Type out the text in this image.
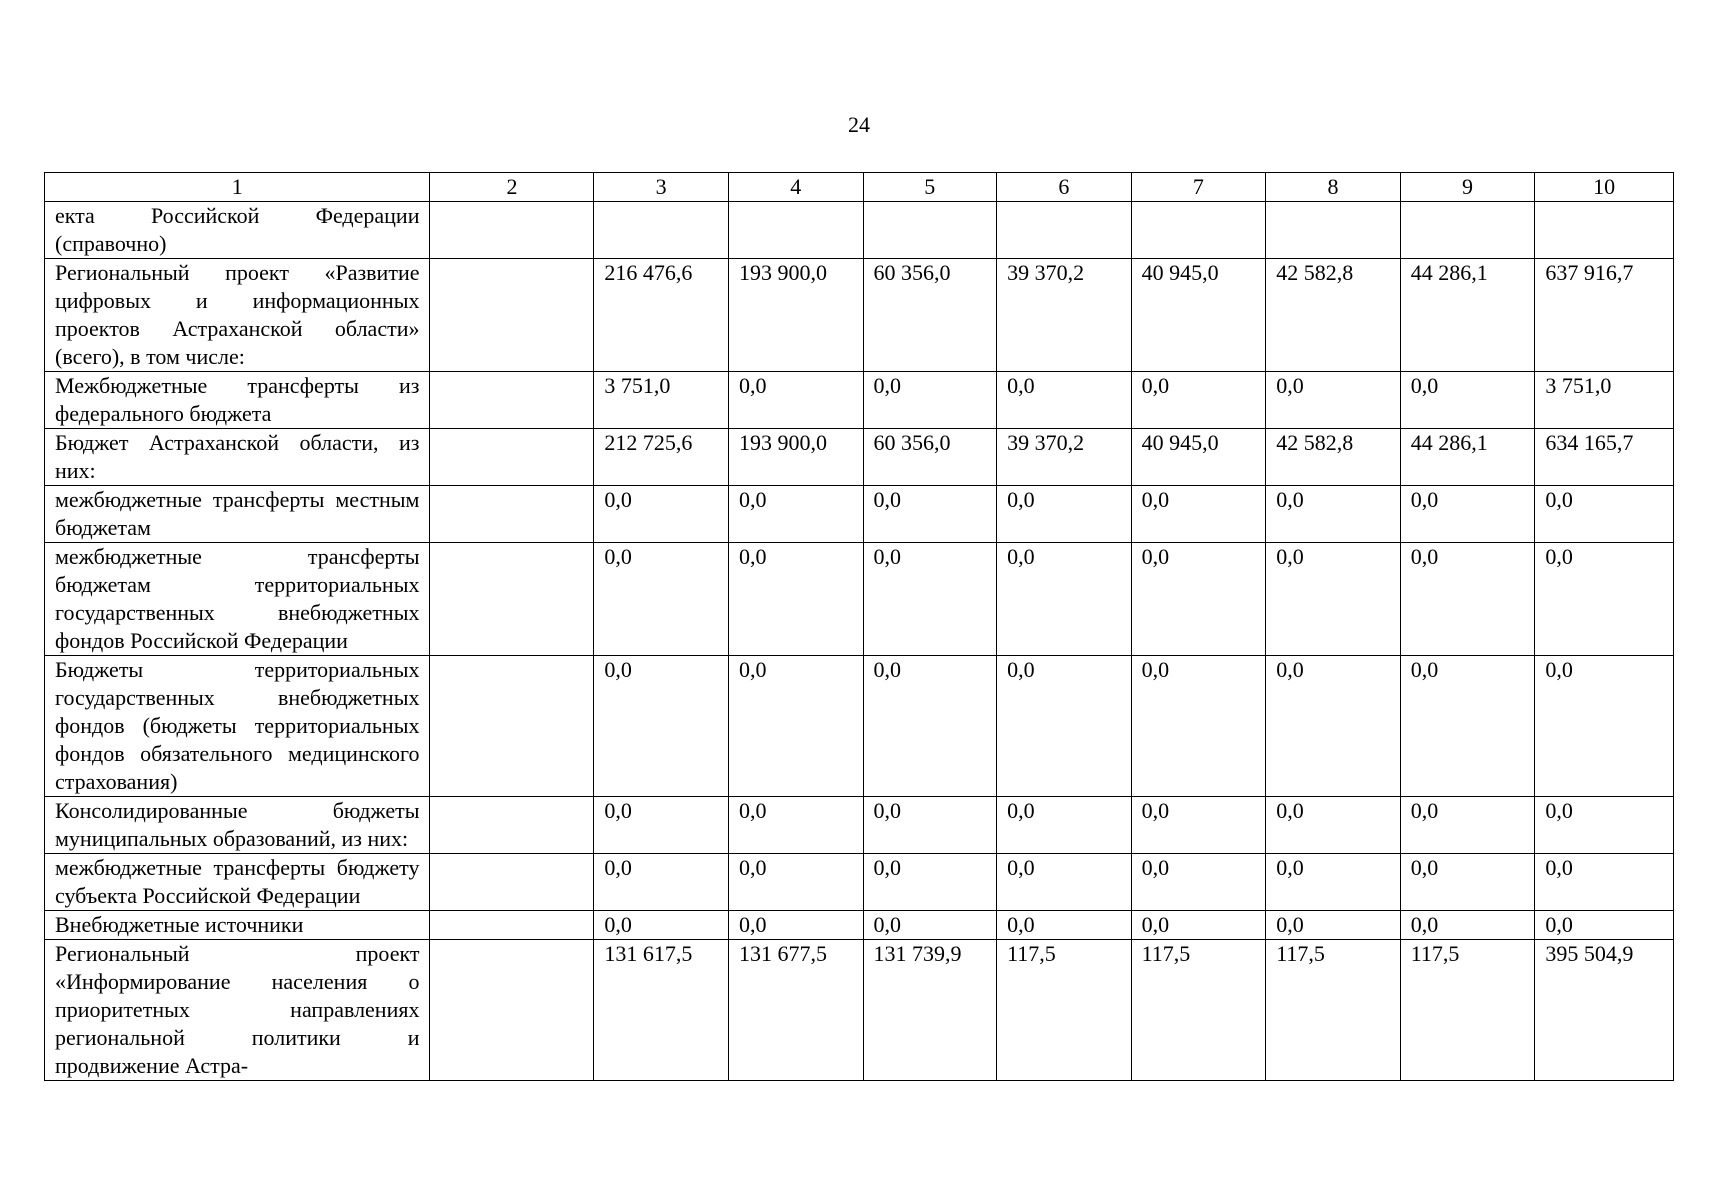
24
1	2	3	4	5	6	7	8	9	10
екта Российской Федерации (справочно)									
Региональный проект «Развитие цифровых и информационных проектов Астраханской области» (всего), в том числе:		216 476,6	193 900,0	60 356,0	39 370,2	40 945,0	42 582,8	44 286,1	637 916,7
Межбюджетные трансферты из федерального бюджета		3 751,0	0,0	0,0	0,0	0,0	0,0	0,0	3 751,0
Бюджет Астраханской области, из них:		212 725,6	193 900,0	60 356,0	39 370,2	40 945,0	42 582,8	44 286,1	634 165,7
межбюджетные трансферты местным бюджетам		0,0	0,0	0,0	0,0	0,0	0,0	0,0	0,0
межбюджетные трансферты бюджетам территориальных государственных внебюджетных фондов Российской Федерации		0,0	0,0	0,0	0,0	0,0	0,0	0,0	0,0
Бюджеты территориальных государственных внебюджетных фондов (бюджеты территориальных фондов обязательного медицинского страхования)		0,0	0,0	0,0	0,0	0,0	0,0	0,0	0,0
Консолидированные бюджеты муниципальных образований, из них:		0,0	0,0	0,0	0,0	0,0	0,0	0,0	0,0
межбюджетные трансферты бюджету субъекта Российской Федерации		0,0	0,0	0,0	0,0	0,0	0,0	0,0	0,0
Внебюджетные источники		0,0	0,0	0,0	0,0	0,0	0,0	0,0	0,0
Региональный проект «Информирование населения о приоритетных направлениях региональной политики и продвижение Астра-		131 617,5	131 677,5	131 739,9	117,5	117,5	117,5	117,5	395 504,9
